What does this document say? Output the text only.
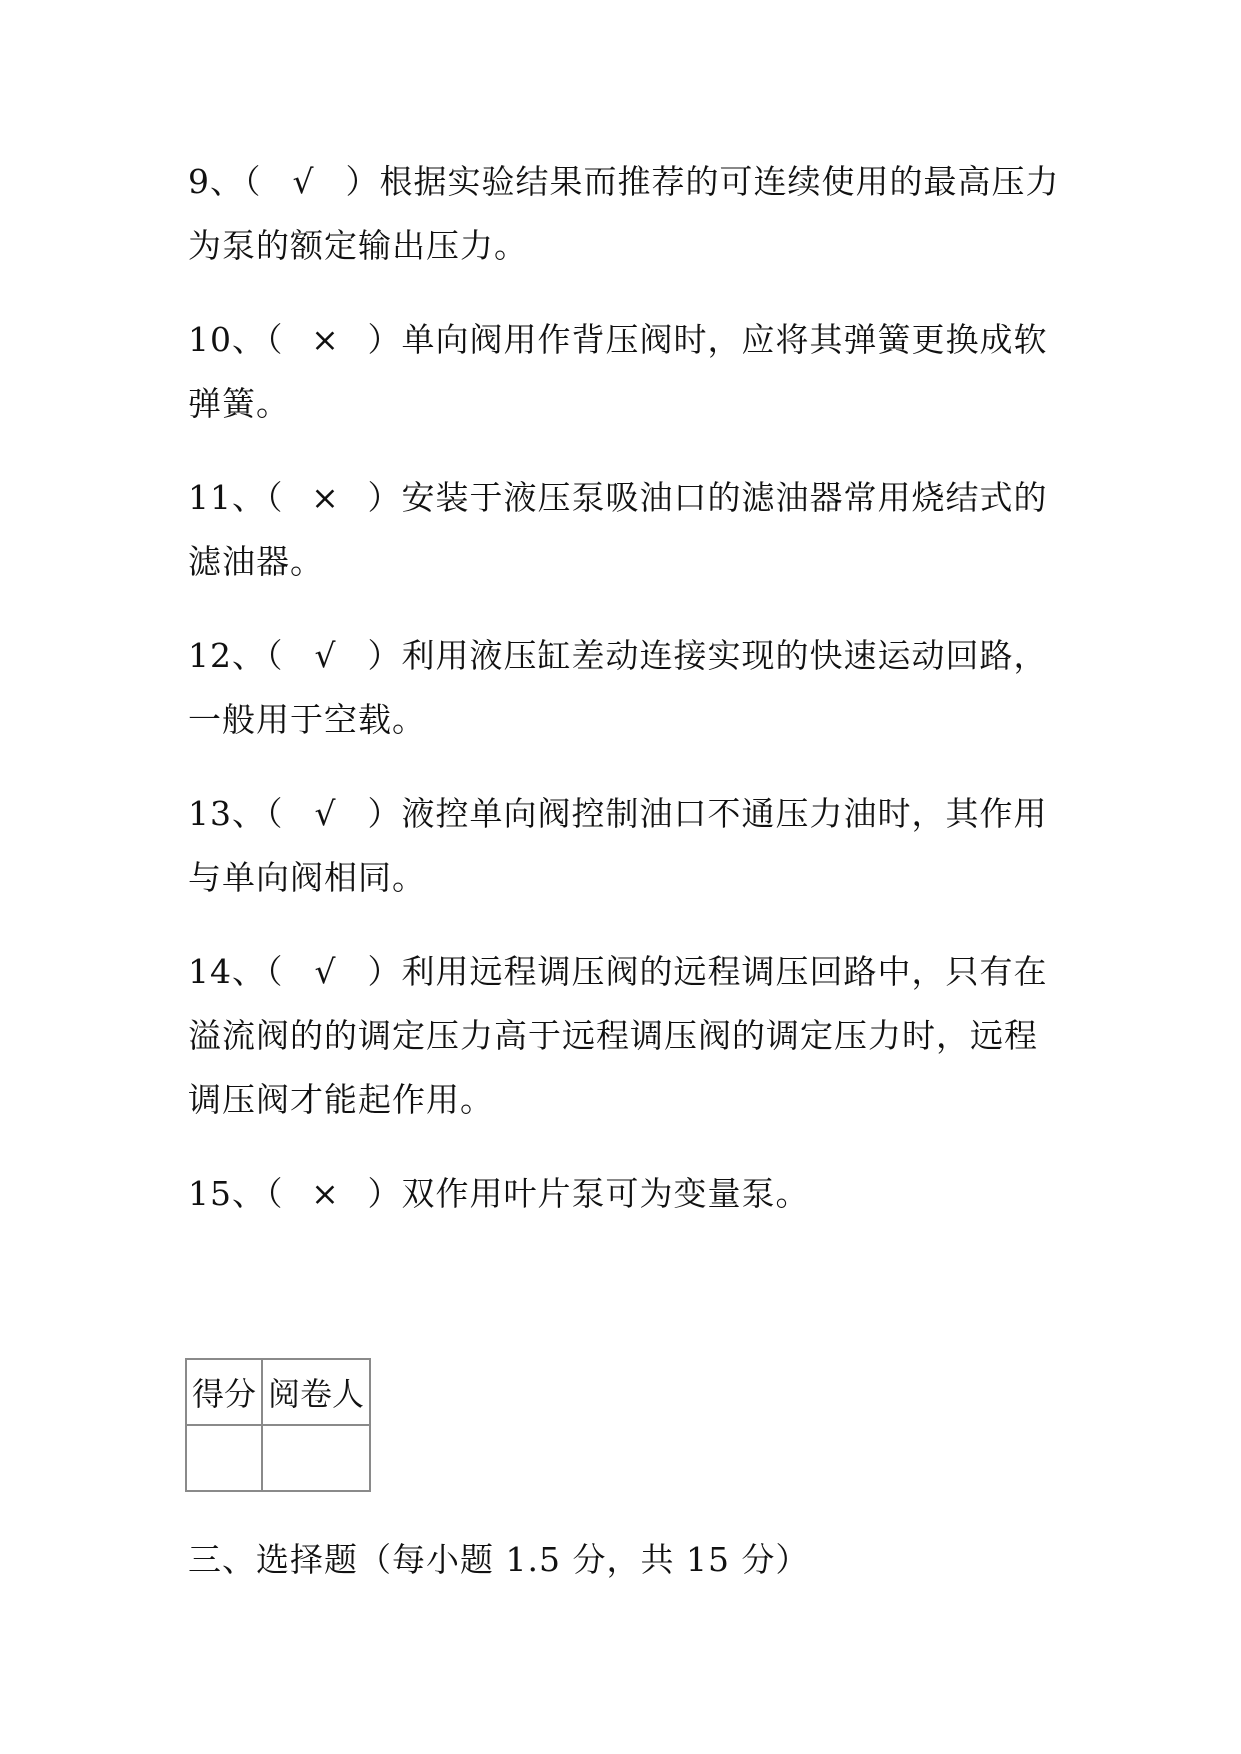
9、（ √ ）根据实验结果而推荐的可连续使用的最高压力为泵的额定输出压力。
10、（ × ）单向阀用作背压阀时，应将其弹簧更换成软弹簧。
11、（ × ）安装于液压泵吸油口的滤油器常用烧结式的滤油器。
12、（ √ ）利用液压缸差动连接实现的快速运动回路，一般用于空载。
13、（ √ ）液控单向阀控制油口不通压力油时，其作用与单向阀相同。
14、（ √ ）利用远程调压阀的远程调压回路中，只有在溢流阀的的调定压力高于远程调压阀的调定压力时，远程调压阀才能起作用。
15、（ × ）双作用叶片泵可为变量泵。
得分	阅卷人

三、选择题（每小题 1.5 分，共 15 分）
